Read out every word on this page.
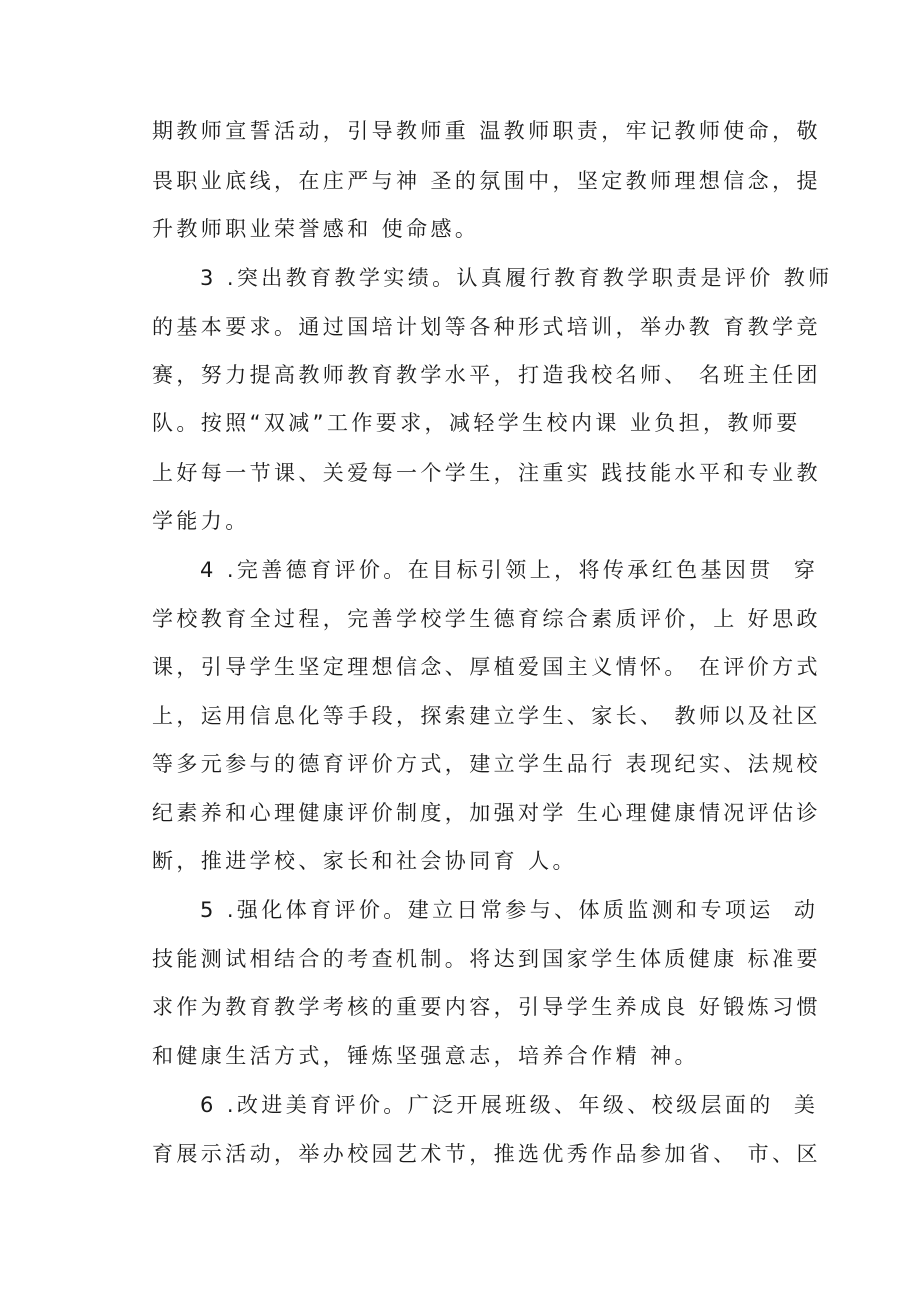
期教师宣誓活动，引导教师重 温教师职责，牢记教师使命，敬
畏职业底线，在庄严与神 圣的氛围中，坚定教师理想信念，提
升教师职业荣誉感和 使命感。
3 .突出教育教学实绩。认真履行教育教学职责是评价 教师
的基本要求。通过国培计划等各种形式培训，举办教 育教学竞
赛，努力提高教师教育教学水平，打造我校名师、 名班主任团
队。按照“双减”工作要求，减轻学生校内课 业负担，教师要
上好每一节课、关爱每一个学生，注重实 践技能水平和专业教
学能力。
4 .完善德育评价。在目标引领上，将传承红色基因贯  穿
学校教育全过程，完善学校学生德育综合素质评价，上 好思政
课，引导学生坚定理想信念、厚植爱国主义情怀。 在评价方式
上，运用信息化等手段，探索建立学生、家长、 教师以及社区
等多元参与的德育评价方式，建立学生品行 表现纪实、法规校
纪素养和心理健康评价制度，加强对学 生心理健康情况评估诊
断，推进学校、家长和社会协同育 人。
5 .强化体育评价。建立日常参与、体质监测和专项运  动
技能测试相结合的考查机制。将达到国家学生体质健康 标准要
求作为教育教学考核的重要内容，引导学生养成良 好锻炼习惯
和健康生活方式，锤炼坚强意志，培养合作精 神。
6 .改进美育评价。广泛开展班级、年级、校级层面的  美
育展示活动，举办校园艺术节，推选优秀作品参加省、 市、区
